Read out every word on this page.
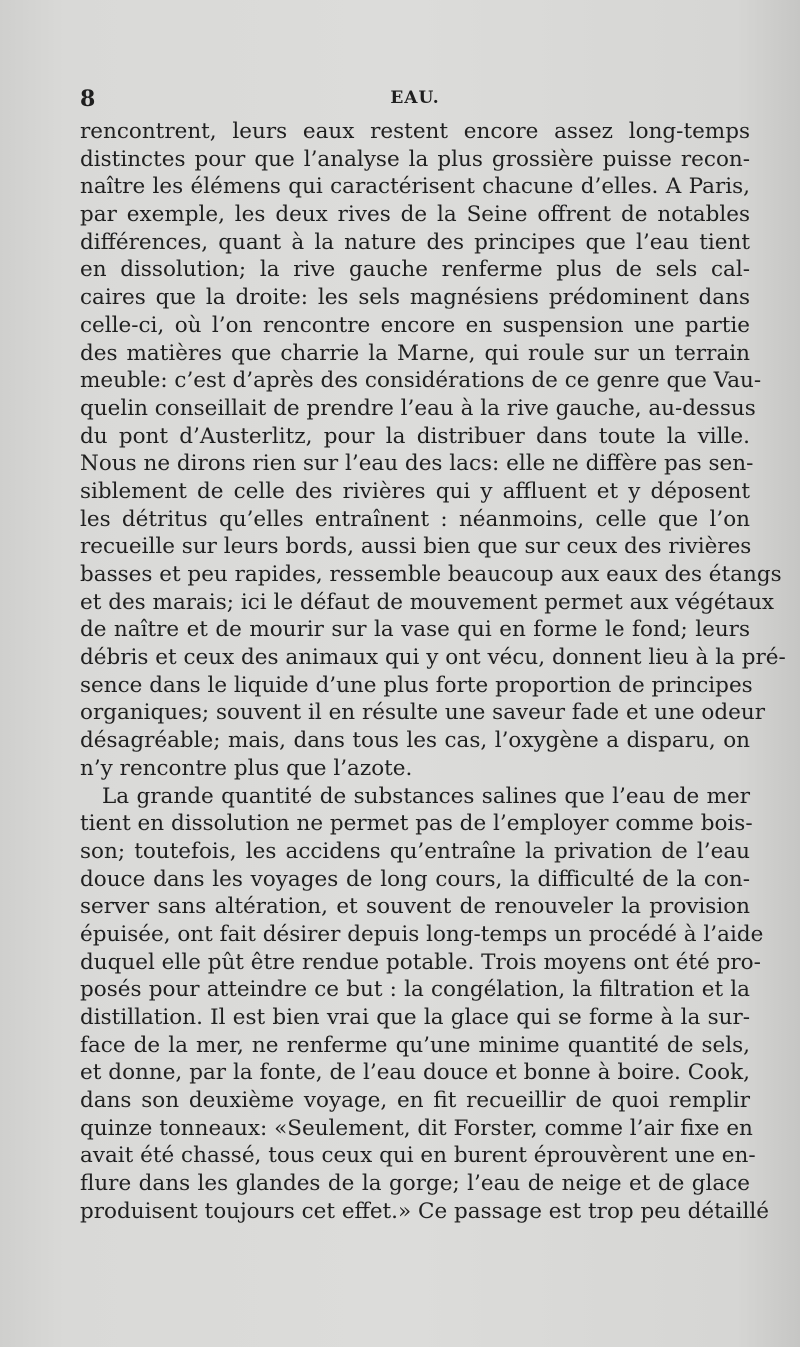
8	EAU.
rencontrent, leurs eaux restent encore assez long-temps
distinctes pour que l’analyse la plus grossière puisse recon-
naître les élémens qui caractérisent chacune d’elles. A Paris,
par exemple, les deux rives de la Seine offrent de notables
différences, quant à la nature des principes que l’eau tient
en dissolution; la rive gauche renferme plus de sels cal-
caires que la droite: les sels magnésiens prédominent dans
celle-ci, où l’on rencontre encore en suspension une partie
des matières que charrie la Marne, qui roule sur un terrain
meuble: c’est d’après des considérations de ce genre que Vau-
quelin conseillait de prendre l’eau à la rive gauche, au-dessus
du pont d’Austerlitz, pour la distribuer dans toute la ville.
Nous ne dirons rien sur l’eau des lacs: elle ne diffère pas sen-
siblement de celle des rivières qui y affluent et y déposent
les détritus qu’elles entraînent : néanmoins, celle que l’on
recueille sur leurs bords, aussi bien que sur ceux des rivières
basses et peu rapides, ressemble beaucoup aux eaux des étangs
et des marais; ici le défaut de mouvement permet aux végétaux
de naître et de mourir sur la vase qui en forme le fond; leurs
débris et ceux des animaux qui y ont vécu, donnent lieu à la pré-
sence dans le liquide d’une plus forte proportion de principes
organiques; souvent il en résulte une saveur fade et une odeur
désagréable; mais, dans tous les cas, l’oxygène a disparu, on
n’y rencontre plus que l’azote.
La grande quantité de substances salines que l’eau de mer
tient en dissolution ne permet pas de l’employer comme bois-
son; toutefois, les accidens qu’entraîne la privation de l’eau
douce dans les voyages de long cours, la difficulté de la con-
server sans altération, et souvent de renouveler la provision
épuisée, ont fait désirer depuis long-temps un procédé à l’aide
duquel elle pût être rendue potable. Trois moyens ont été pro-
posés pour atteindre ce but : la congélation, la filtration et la
distillation. Il est bien vrai que la glace qui se forme à la sur-
face de la mer, ne renferme qu’une minime quantité de sels,
et donne, par la fonte, de l’eau douce et bonne à boire. Cook,
dans son deuxième voyage, en fit recueillir de quoi remplir
quinze tonneaux: «Seulement, dit Forster, comme l’air fixe en
avait été chassé, tous ceux qui en burent éprouvèrent une en-
flure dans les glandes de la gorge; l’eau de neige et de glace
produisent toujours cet effet.» Ce passage est trop peu détaillé
